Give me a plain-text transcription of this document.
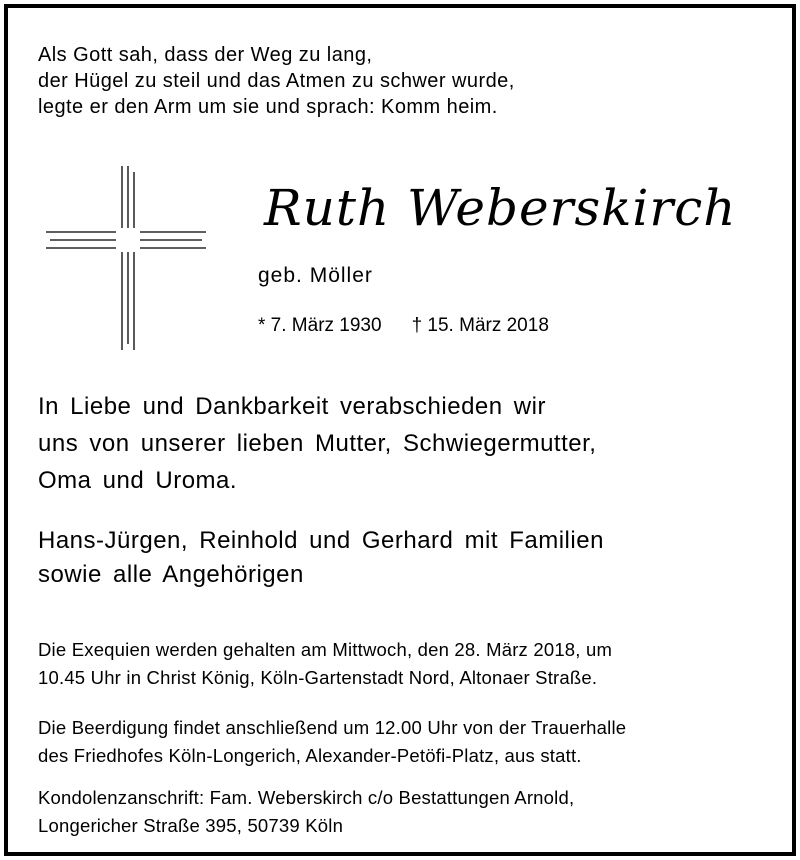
Als Gott sah, dass der Weg zu lang,
der Hügel zu steil und das Atmen zu schwer wurde,
legte er den Arm um sie und sprach: Komm heim.
Ruth Weberskirch
geb. Möller
* 7. März 1930 † 15. März 2018
In Liebe und Dankbarkeit verabschieden wir
uns von unserer lieben Mutter, Schwiegermutter,
Oma und Uroma.
Hans-Jürgen, Reinhold und Gerhard mit Familien
sowie alle Angehörigen
Die Exequien werden gehalten am Mittwoch, den 28. März 2018, um
10.45 Uhr in Christ König, Köln-Gartenstadt Nord, Altonaer Straße.
Die Beerdigung findet anschließend um 12.00 Uhr von der Trauerhalle
des Friedhofes Köln-Longerich, Alexander-Petöfi-Platz, aus statt.
Kondolenzanschrift: Fam. Weberskirch c/o Bestattungen Arnold,
Longericher Straße 395, 50739 Köln
